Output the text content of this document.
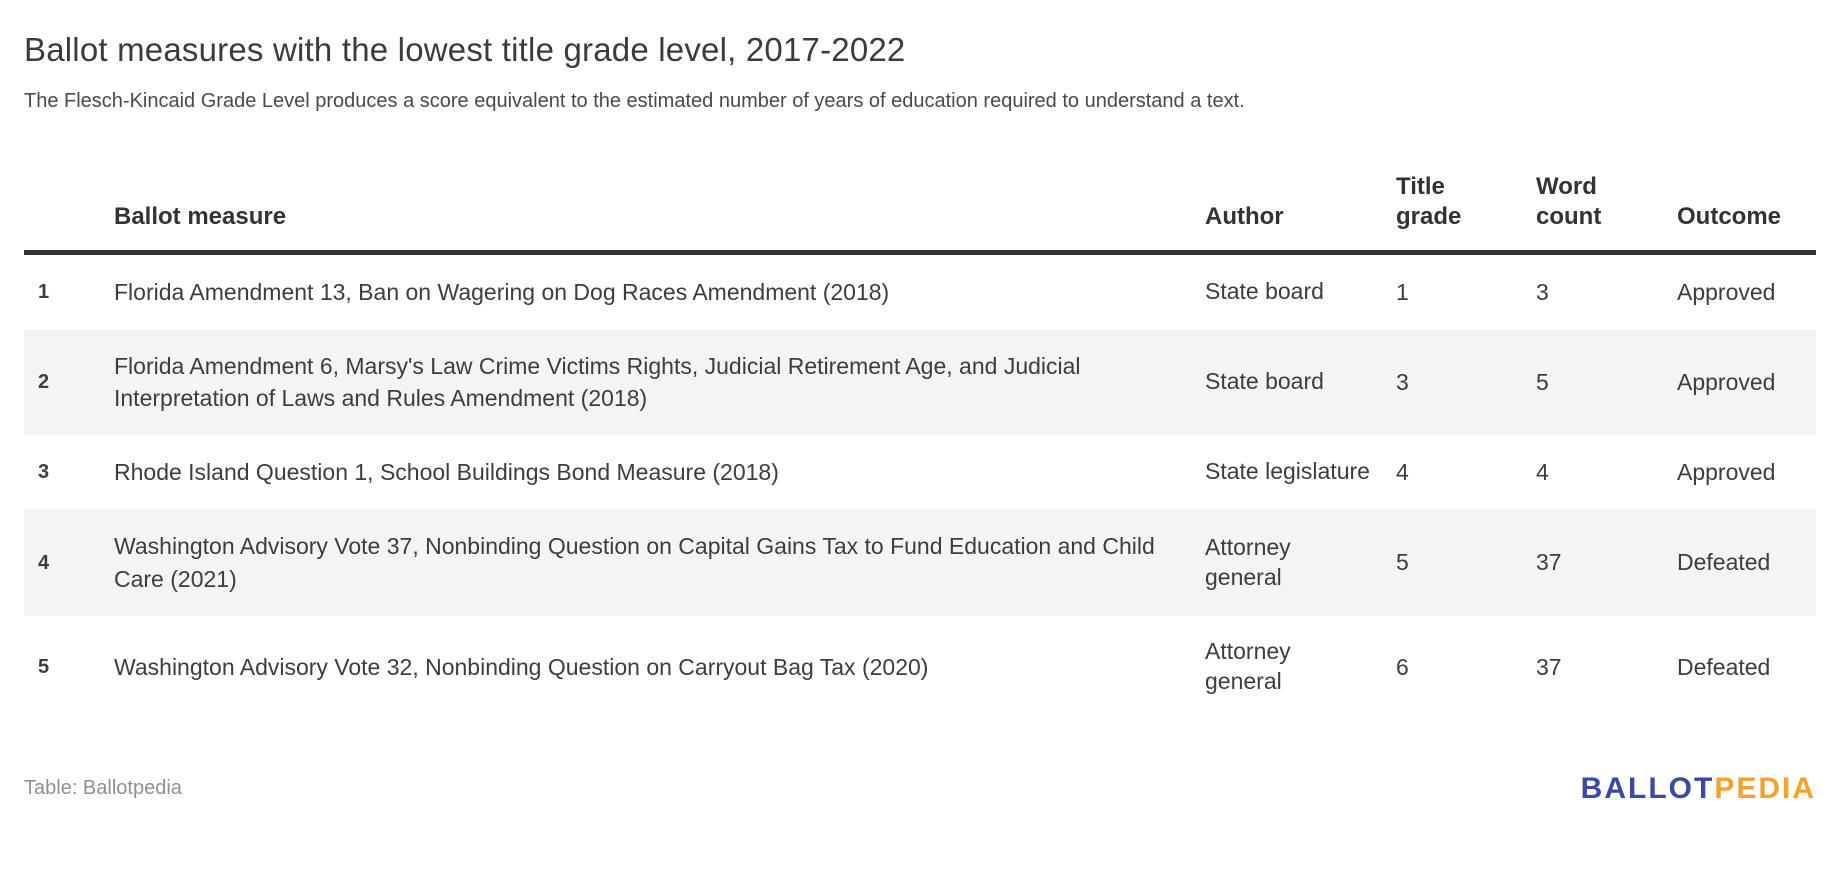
Ballot measures with the lowest title grade level, 2017-2022

The Flesch-Kincaid Grade Level produces a score equivalent to the estimated number of years of education required to understand a text.

	Ballot measure	Author	Title grade	Word count	Outcome
1	Florida Amendment 13, Ban on Wagering on Dog Races Amendment (2018)	State board	1	3	Approved
2	Florida Amendment 6, Marsy's Law Crime Victims Rights, Judicial Retirement Age, and Judicial Interpretation of Laws and Rules Amendment (2018)	State board	3	5	Approved
3	Rhode Island Question 1, School Buildings Bond Measure (2018)	State legislature	4	4	Approved
4	Washington Advisory Vote 37, Nonbinding Question on Capital Gains Tax to Fund Education and Child Care (2021)	Attorney general	5	37	Defeated
5	Washington Advisory Vote 32, Nonbinding Question on Carryout Bag Tax (2020)	Attorney general	6	37	Defeated
Table: Ballotpedia	BALLOTPEDIA
